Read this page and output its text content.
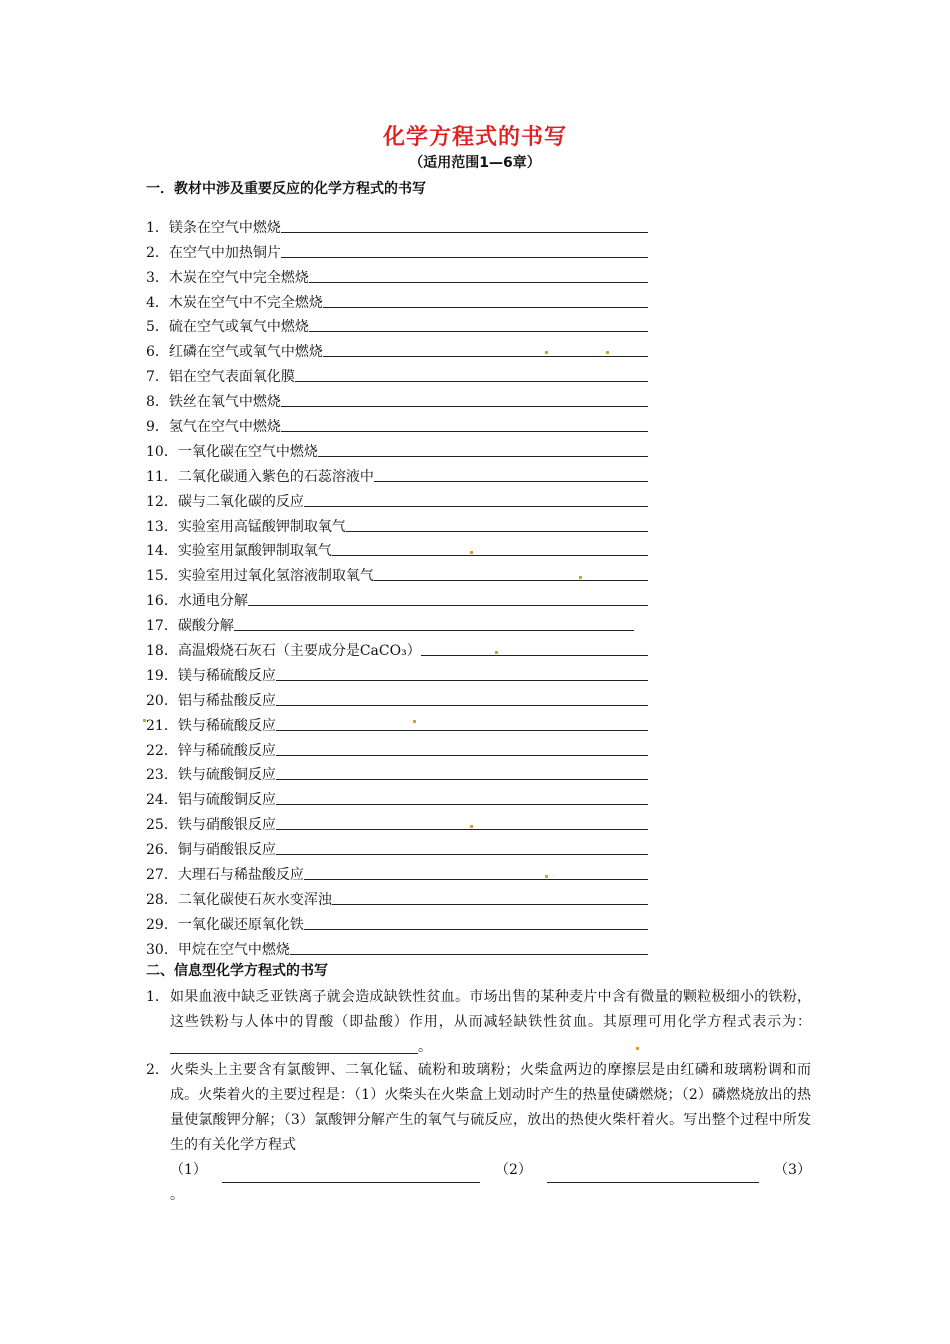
化学方程式的书写
（适用范围1—6章）
一．教材中涉及重要反应的化学方程式的书写
1． 镁条在空气中燃烧
2． 在空气中加热铜片
3． 木炭在空气中完全燃烧
4． 木炭在空气中不完全燃烧
5． 硫在空气或氧气中燃烧
6． 红磷在空气或氧气中燃烧
7． 铝在空气表面氧化膜
8． 铁丝在氧气中燃烧
9． 氢气在空气中燃烧
10． 一氧化碳在空气中燃烧
11． 二氧化碳通入紫色的石蕊溶液中
12． 碳与二氧化碳的反应
13． 实验室用高锰酸钾制取氧气
14． 实验室用氯酸钾制取氧气
15． 实验室用过氧化氢溶液制取氧气
16． 水通电分解
17． 碳酸分解
18． 高温煅烧石灰石（主要成分是CaCO₃）
19． 镁与稀硫酸反应
20． 铝与稀盐酸反应
21． 铁与稀硫酸反应
22． 锌与稀硫酸反应
23． 铁与硫酸铜反应
24． 铝与硫酸铜反应
25． 铁与硝酸银反应
26． 铜与硝酸银反应
27． 大理石与稀盐酸反应
28． 二氧化碳使石灰水变浑浊
29． 一氧化碳还原氧化铁
30． 甲烷在空气中燃烧
二、信息型化学方程式的书写
1． 如果血液中缺乏亚铁离子就会造成缺铁性贫血。市场出售的某种麦片中含有微量的颗粒极细小的铁粉，这些铁粉与人体中的胃酸（即盐酸）作用，从而减轻缺铁性贫血。其原理可用化学方程式表示为：。
2． 火柴头上主要含有氯酸钾、二氧化锰、硫粉和玻璃粉；火柴盒两边的摩擦层是由红磷和玻璃粉调和而成。火柴着火的主要过程是：（1）火柴头在火柴盒上划动时产生的热量使磷燃烧；（2）磷燃烧放出的热量使氯酸钾分解；（3）氯酸钾分解产生的氧气与硫反应，放出的热使火柴杆着火。写出整个过程中所发生的有关化学方程式
（1）	（2）	（3）
。
